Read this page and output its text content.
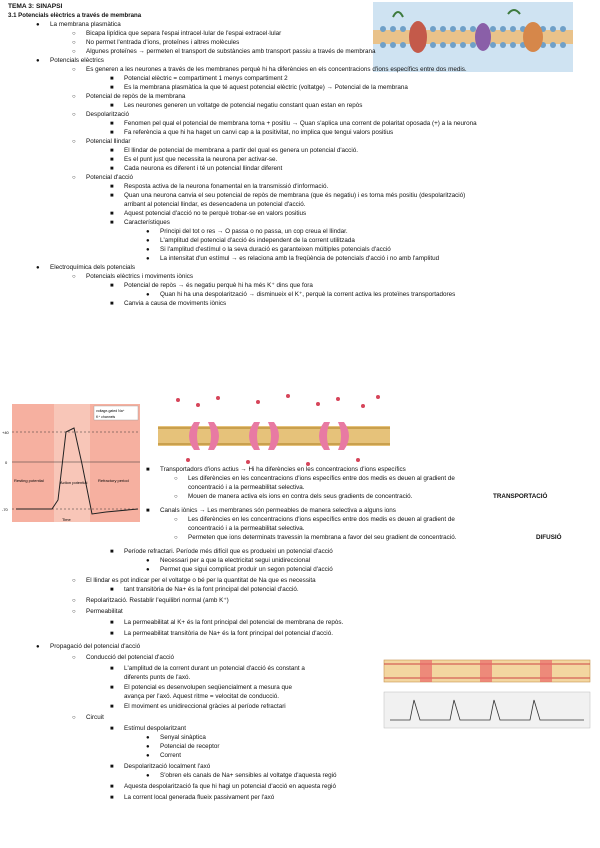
TEMA 3: SINAPSI
3.1 Potencials elèctrics a través de membrana
● La membrana plasmàtica
○ Bicapa lipídica que separa l'espai intracel·lular de l'espai extracel·lular
○ No permet l'entrada d'ions, proteïnes i altres molècules
○ Algunes proteïnes → permeten el transport de substàncies amb transport passiu a través de membrana
● Potencials elèctrics
○ Es generen a les neurones a través de les membranes perquè hi ha diferències en els concentracions d'ions específics entre dos medis.
■ Potencial elèctric = compartiment 1 menys compartiment 2
■ Es la membrana plasmàtica la que té aquest potencial elèctric (voltatge) → Potencial de la membrana
○ Potencial de repòs de la membrana
■ Les neurones generen un voltatge de potencial negatiu constant quan estan en repòs
○ Despolarització
■ Fenomen pel qual el potencial de membrana torna + positiu → Quan s'aplica una corrent de polaritat oposada (+) a la neurona
■ Fa referència a que hi ha haget un canvi cap a la positivitat, no implica que tengui valors positius
○ Potencial llindar
■ El llindar de potencial de membrana a partir del qual es genera un potencial d'acció.
■ Es el punt just que necessita la neurona per activar-se.
■ Cada neurona es diferent i té un potencial llindar diferent
○ Potencial d'acció
■ Resposta activa de la neurona fonamental en la transmissió d'informació.
■ Quan una neurona canvia el seu potencial de repòs de membrana (que és negatiu) i es torna més positiu (despolarització)
arribant al potencial llindar, es desencadena un potencial d'acció.
■ Aquest potencial d'acció no te perquè trobar-se en valors positius
■ Característiques
● Principi del tot o res → O passa o no passa, un cop creua el llindar.
● L'amplitud del potencial d'acció és independent de la corrent utilitzada
● Si l'amplitud d'estímul o la seva duració es garanteixen múltiples potencials d'acció
● La intensitat d'un estímul → es relaciona amb la freqüència de potencials d'acció i no amb l'amplitud
● Electroquímica dels potencials
○ Potencials elèctrics i moviments iònics
■ Potencial de repòs → és negatiu perquè hi ha més K⁺ dins que fora
● Quan hi ha una despolarització → disminueix el K⁺, perquè la corrent activa les proteïnes transportadores
■ Canvia a causa de moviments iònics
voltage-gated Na⁺
K⁺ channels
Resting potential	Action potential	Refractory period
+40
0
-70
Time
■ Transportadors d'ions actius → Hi ha diferències en les concentracions d'ions específics
○ Les diferències en les concentracions d'ions específics entre dos medis es deuen al gradient de
concentració i a la permeabilitat selectiva.
○ Mouen de manera activa els ions en contra dels seus gradients de concentració.	TRANSPORTACIÓ
■ Canals iònics → Les membranes són permeables de manera selectiva a alguns ions
○ Les diferències en les concentracions d'ions específics entre dos medis es deuen al gradient de
concentració i a la permeabilitat selectiva.
○ Permeten que ions determinats travessin la membrana a favor del seu gradient de concentració.	DIFUSIÓ
■ Període refractari. Període més difícil que es produeixi un potencial d'acció
● Necessari per a que la electricitat segui unidireccional
● Permet que sigui complicat produir un segon potencial d'acció
○ El llindar es pot indicar per el voltatge o bé per la quantitat de Na que es necessita
■ tant transitòria de Na+ és la font principal del potencial d'acció.
○ Repolarització. Restablir l'equilibri normal (amb K⁺)
○ Permeabilitat
■ La permeabilitat al K+ és la font principal del potencial de membrana de repòs.
■ La permeabilitat transitòria de Na+ és la font principal del potencial d'acció.
● Propagació del potencial d'acció
○ Conducció del potencial d'acció
■ L'amplitud de la corrent durant un potencial d'acció és constant a
diferents punts de l'axó.
■ El potencial es desenvolupen seqüencialment a mesura que
avança per l'axó. Aquest ritme = velocitat de conducció.
■ El moviment es unidireccional gràcies al període refractari
○ Circuit
■ Estímul despolaritzant
● Senyal sinàptica
● Potencial de receptor
● Corrent
■ Despolarització localment l'axó
● S'obren els canals de Na+ sensibles al voltatge d'aquesta regió
■ Aquesta despolarització fa que hi hagi un potencial d'acció en aquesta regió
■ La corrent local generada flueix passivament per l'axó
